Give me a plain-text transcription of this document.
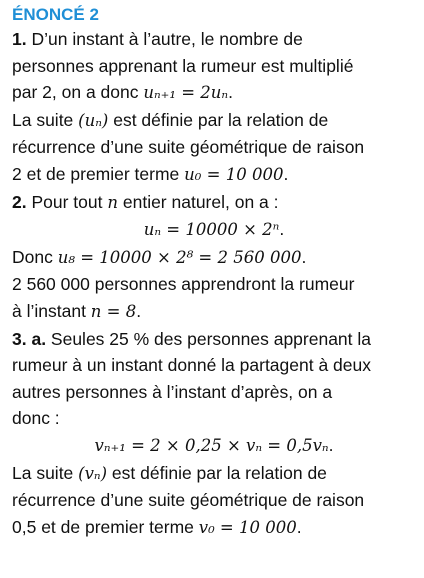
ÉNONCÉ 2

1. D’un instant à l’autre, le nombre de

personnes apprenant la rumeur est multiplié

par 2, on a donc uₙ₊₁ = 2uₙ.

La suite (uₙ) est définie par la relation de

récurrence d’une suite géométrique de raison

2 et de premier terme u₀ = 10 000.

2. Pour tout n entier naturel, on a :

uₙ = 10000 × 2ⁿ.

Donc u₈ = 10000 × 2⁸ = 2 560 000.

2 560 000 personnes apprendront la rumeur

à l’instant n = 8.

3. a. Seules 25 % des personnes apprenant la

rumeur à un instant donné la partagent à deux

autres personnes à l’instant d’après, on a

donc :

vₙ₊₁ = 2 × 0,25 × vₙ = 0,5vₙ.

La suite (vₙ) est définie par la relation de

récurrence d’une suite géométrique de raison

0,5 et de premier terme v₀ = 10 000.
